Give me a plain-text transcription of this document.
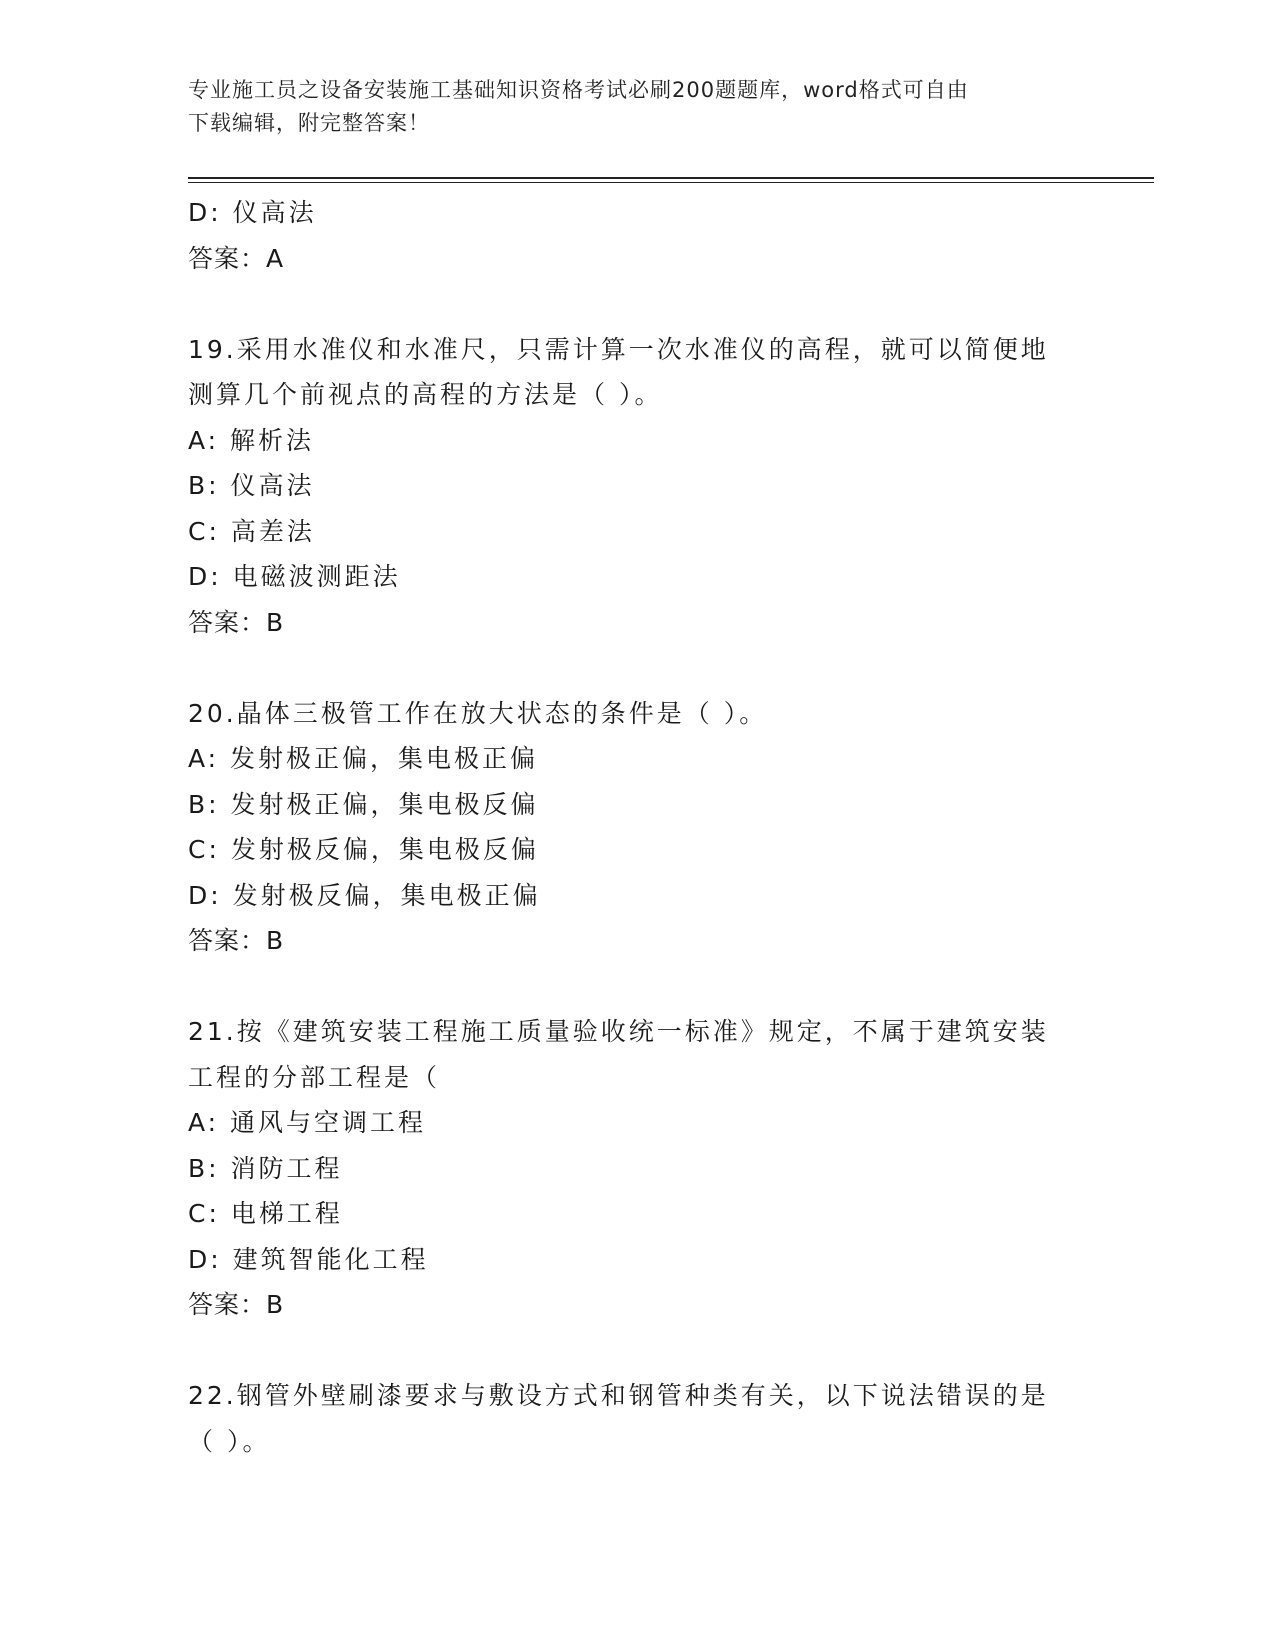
专业施工员之设备安装施工基础知识资格考试必刷200题题库，word格式可自由
下载编辑，附完整答案！
D: 仪高法
答案：A
19.采用水准仪和水准尺，只需计算一次水准仪的高程，就可以简便地
测算几个前视点的高程的方法是（ ）。
A: 解析法
B: 仪高法
C: 高差法
D: 电磁波测距法
答案：B
20.晶体三极管工作在放大状态的条件是（ ）。
A: 发射极正偏，集电极正偏
B: 发射极正偏，集电极反偏
C: 发射极反偏，集电极反偏
D: 发射极反偏，集电极正偏
答案：B
21.按《建筑安装工程施工质量验收统一标准》规定，不属于建筑安装
工程的分部工程是（
A: 通风与空调工程
B: 消防工程
C: 电梯工程
D: 建筑智能化工程
答案：B
22.钢管外壁刷漆要求与敷设方式和钢管种类有关，以下说法错误的是
（ ）。
